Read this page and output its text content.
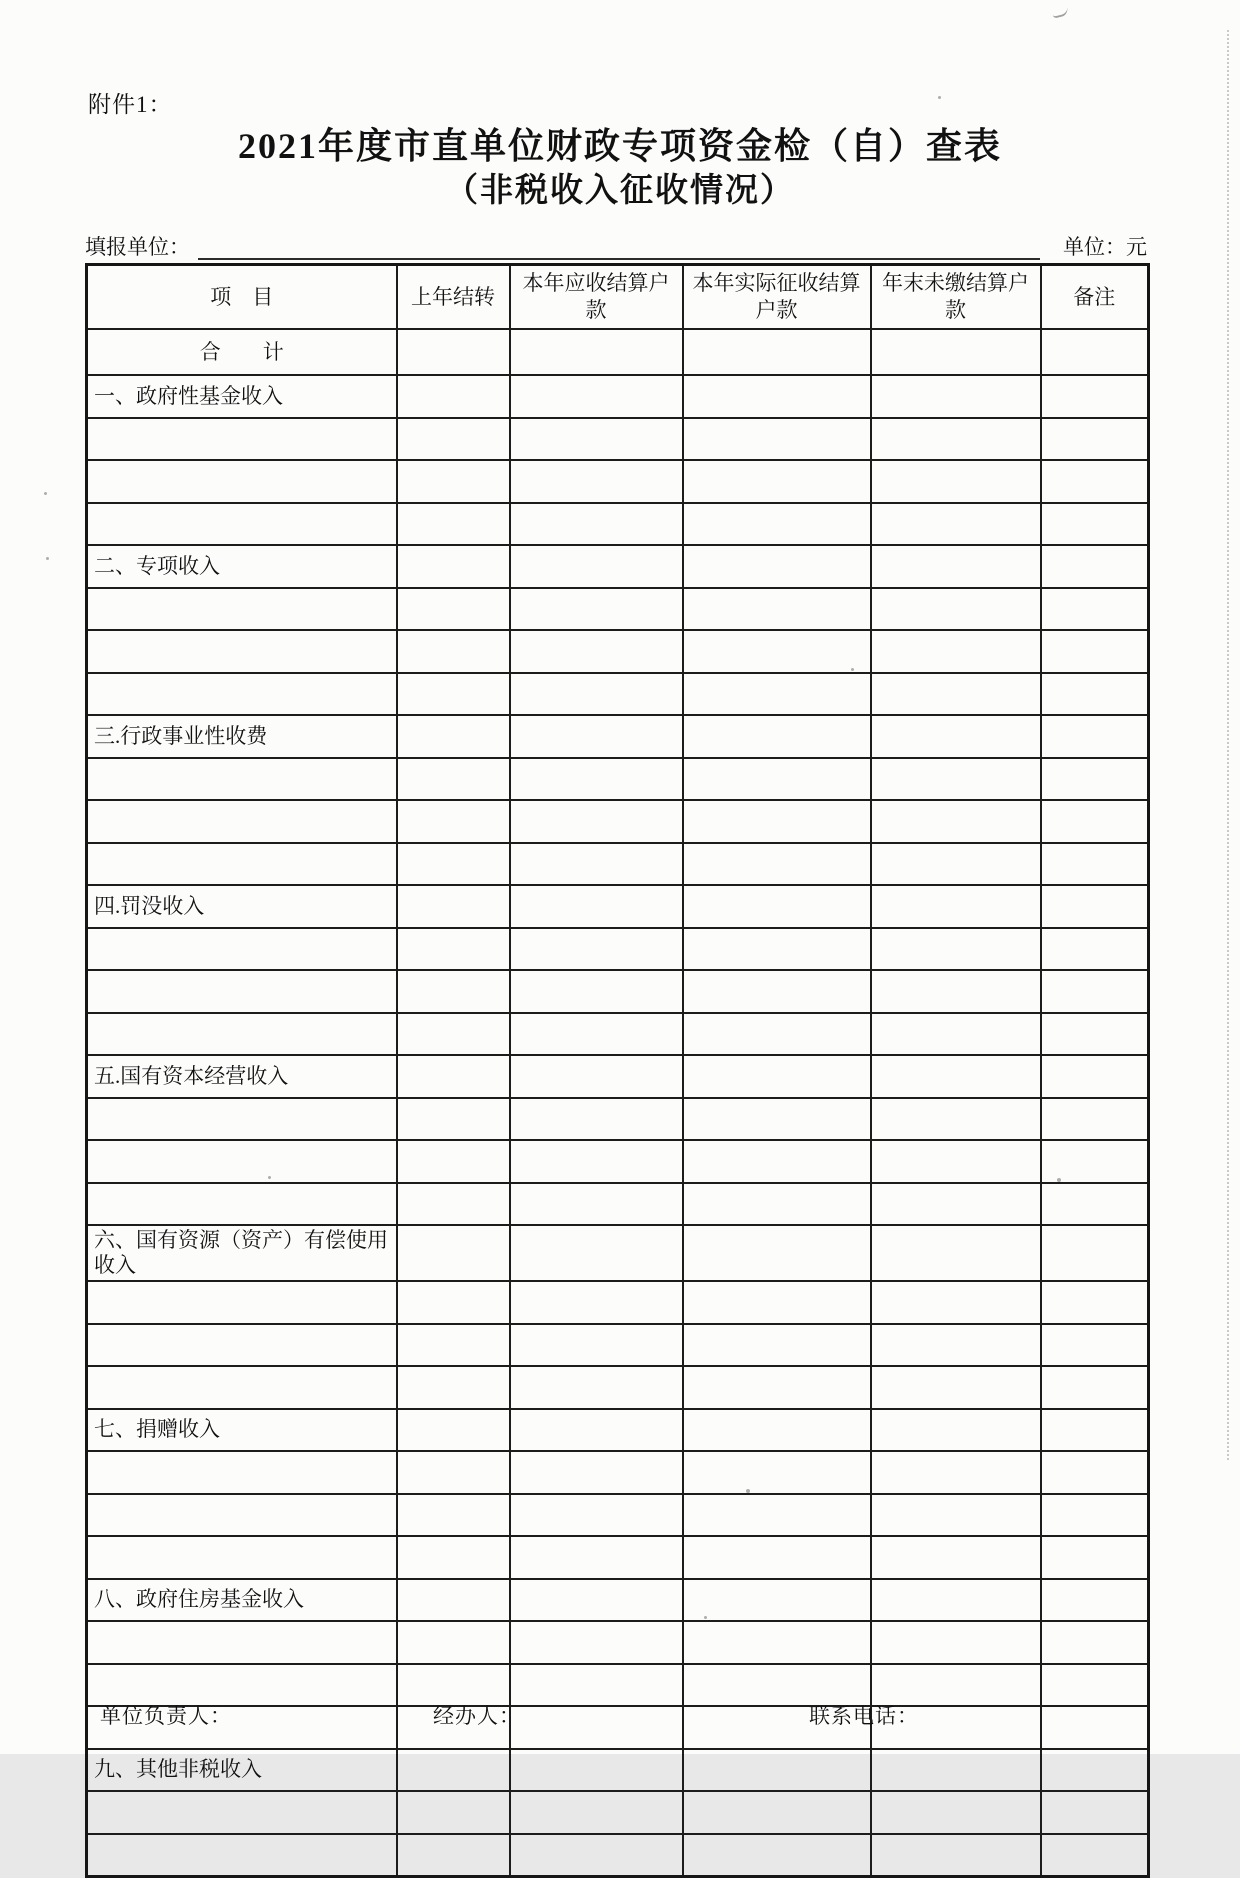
附件1：
2021年度市直单位财政专项资金检（自）查表
（非税收入征收情况）
填报单位：	单位：元
项　目	上年结转	本年应收结算户款	本年实际征收结算户款	年末未缴结算户款	备注
合　　计					
一、政府性基金收入					

二、专项收入					

三.行政事业性收费					

四.罚没收入					

五.国有资本经营收入					

六、国有资源（资产）有偿使用收入					

七、捐赠收入					

八、政府住房基金收入					

九、其他非税收入					

单位负责人：	经办人：	联系电话：
